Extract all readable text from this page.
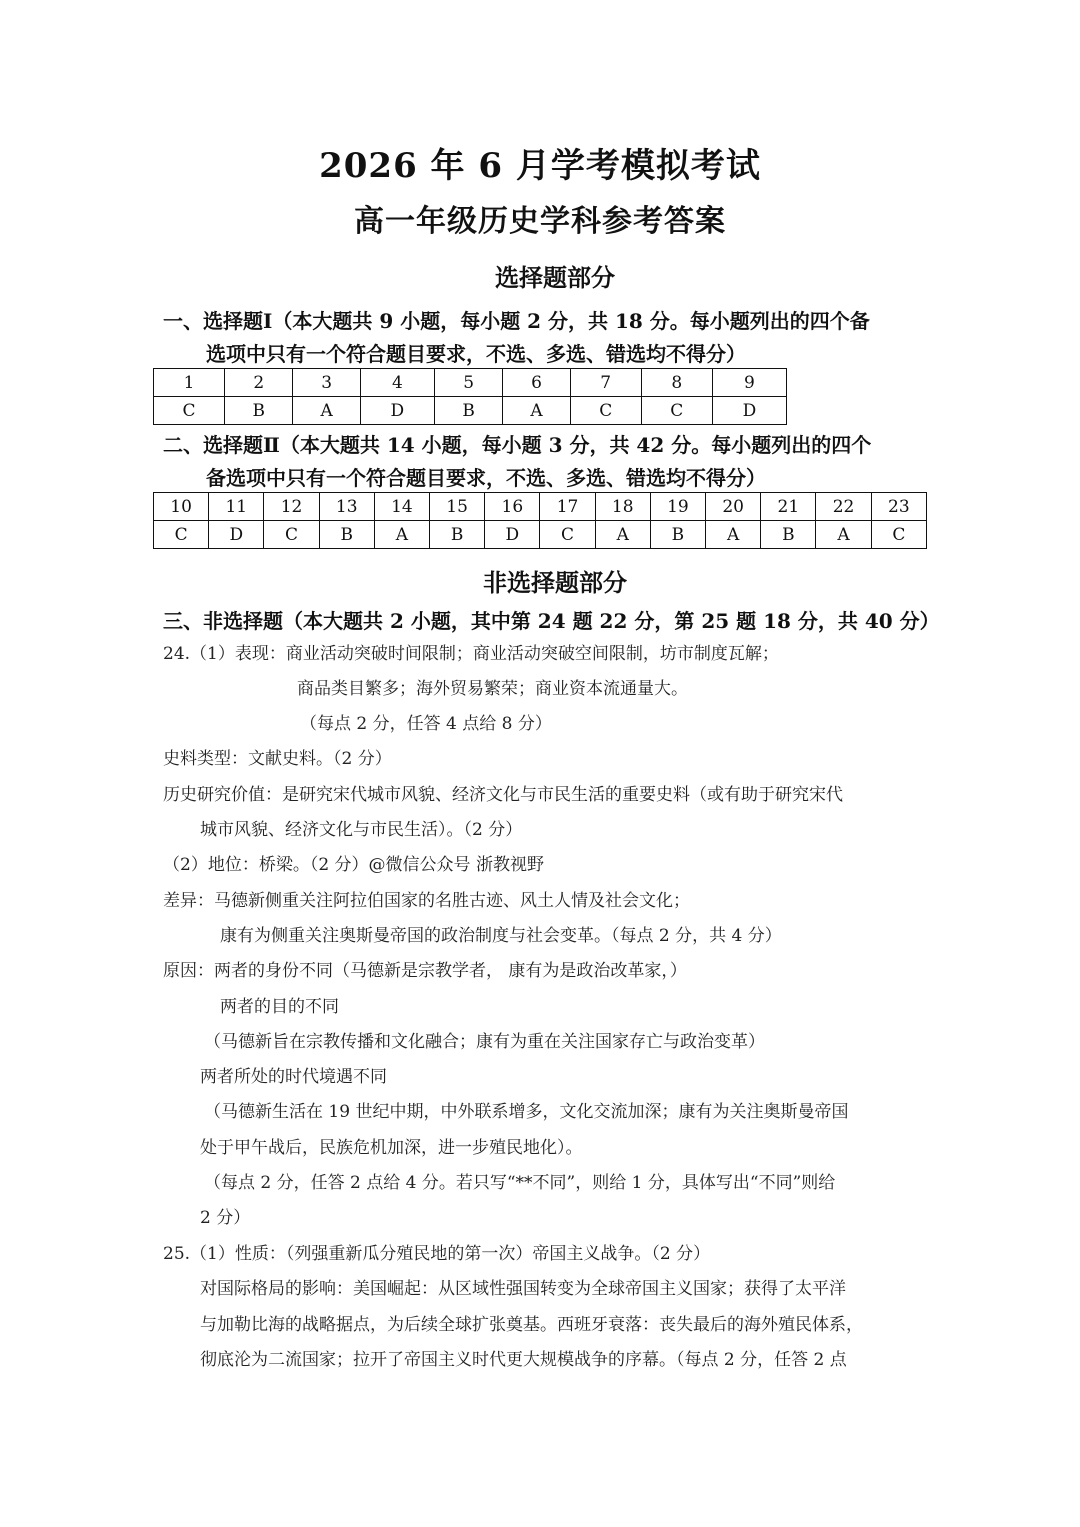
2026 年 6 月学考模拟考试
高一年级历史学科参考答案
选择题部分
一、选择题Ⅰ（本大题共 9 小题，每小题 2 分，共 18 分。每小题列出的四个备
选项中只有一个符合题目要求，不选、多选、错选均不得分）
1	2	3	4	5	6	7	8	9
C	B	A	D	B	A	C	C	D
二、选择题Ⅱ（本大题共 14 小题，每小题 3 分，共 42 分。每小题列出的四个
备选项中只有一个符合题目要求，不选、多选、错选均不得分）
10	11	12	13	14	15	16	17	18	19	20	21	22	23
C	D	C	B	A	B	D	C	A	B	A	B	A	C
非选择题部分
三、非选择题（本大题共 2 小题，其中第 24 题 22 分，第 25 题 18 分，共 40 分）
24.（1）表现：商业活动突破时间限制；商业活动突破空间限制，坊市制度瓦解；
商品类目繁多；海外贸易繁荣；商业资本流通量大。
（每点 2 分，任答 4 点给 8 分）
史料类型：文献史料。（2 分）
历史研究价值：是研究宋代城市风貌、经济文化与市民生活的重要史料（或有助于研究宋代
城市风貌、经济文化与市民生活）。（2 分）
（2）地位：桥梁。（2 分）@微信公众号 浙教视野
差异：马德新侧重关注阿拉伯国家的名胜古迹、风土人情及社会文化；
康有为侧重关注奥斯曼帝国的政治制度与社会变革。（每点 2 分，共 4 分）
原因：两者的身份不同（马德新是宗教学者， 康有为是政治改革家，）
两者的目的不同
（马德新旨在宗教传播和文化融合；康有为重在关注国家存亡与政治变革）
两者所处的时代境遇不同
（马德新生活在 19 世纪中期，中外联系增多，文化交流加深；康有为关注奥斯曼帝国
处于甲午战后，民族危机加深，进一步殖民地化）。
（每点 2 分，任答 2 点给 4 分。若只写“**不同”，则给 1 分，具体写出“不同”则给
2 分）
25.（1）性质：（列强重新瓜分殖民地的第一次）帝国主义战争。（2 分）
对国际格局的影响：美国崛起：从区域性强国转变为全球帝国主义国家；获得了太平洋
与加勒比海的战略据点，为后续全球扩张奠基。西班牙衰落：丧失最后的海外殖民体系，
彻底沦为二流国家；拉开了帝国主义时代更大规模战争的序幕。（每点 2 分，任答 2 点
